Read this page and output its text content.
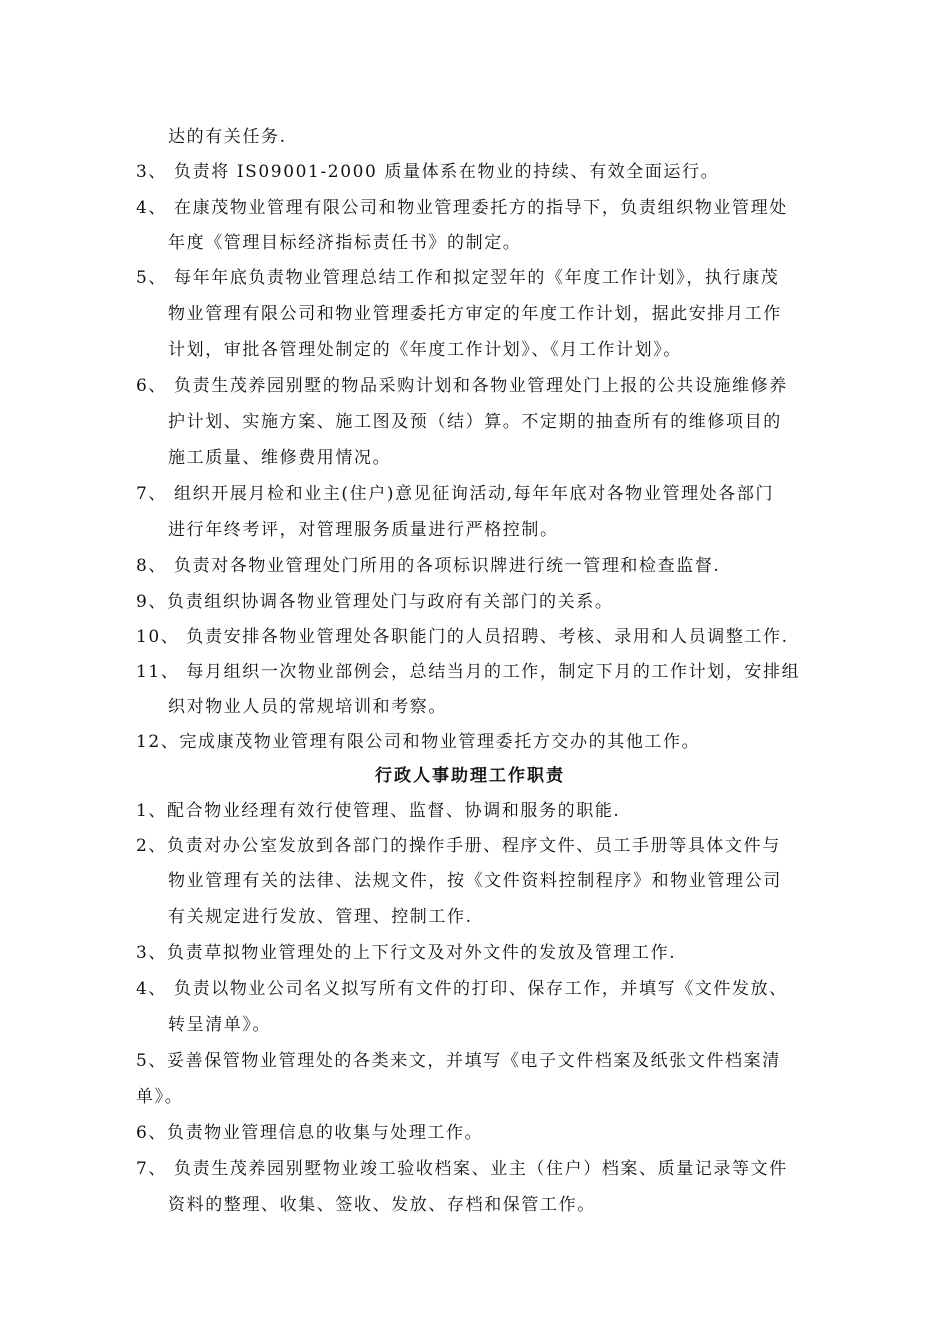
达的有关任务.
3、 负责将 IS09001-2000 质量体系在物业的持续、有效全面运行。
4、 在康茂物业管理有限公司和物业管理委托方的指导下，负责组织物业管理处
年度《管理目标经济指标责任书》的制定。
5、 每年年底负责物业管理总结工作和拟定翌年的《年度工作计划》，执行康茂
物业管理有限公司和物业管理委托方审定的年度工作计划，据此安排月工作
计划，审批各管理处制定的《年度工作计划》、《月工作计划》。
6、 负责生茂养园别墅的物品采购计划和各物业管理处门上报的公共设施维修养
护计划、实施方案、施工图及预（结）算。不定期的抽查所有的维修项目的
施工质量、维修费用情况。
7、 组织开展月检和业主(住户)意见征询活动,每年年底对各物业管理处各部门
进行年终考评，对管理服务质量进行严格控制。
8、 负责对各物业管理处门所用的各项标识牌进行统一管理和检查监督.
9、负责组织协调各物业管理处门与政府有关部门的关系。
10、 负责安排各物业管理处各职能门的人员招聘、考核、录用和人员调整工作.
11、 每月组织一次物业部例会，总结当月的工作，制定下月的工作计划，安排组
织对物业人员的常规培训和考察。
12、完成康茂物业管理有限公司和物业管理委托方交办的其他工作。
行政人事助理工作职责
1、配合物业经理有效行使管理、监督、协调和服务的职能.
2、负责对办公室发放到各部门的操作手册、程序文件、员工手册等具体文件与
物业管理有关的法律、法规文件，按《文件资料控制程序》和物业管理公司
有关规定进行发放、管理、控制工作.
3、负责草拟物业管理处的上下行文及对外文件的发放及管理工作.
4、 负责以物业公司名义拟写所有文件的打印、保存工作，并填写《文件发放、
转呈清单》。
5、妥善保管物业管理处的各类来文，并填写《电子文件档案及纸张文件档案清
单》。
6、负责物业管理信息的收集与处理工作。
7、 负责生茂养园别墅物业竣工验收档案、业主（住户）档案、质量记录等文件
资料的整理、收集、签收、发放、存档和保管工作。
